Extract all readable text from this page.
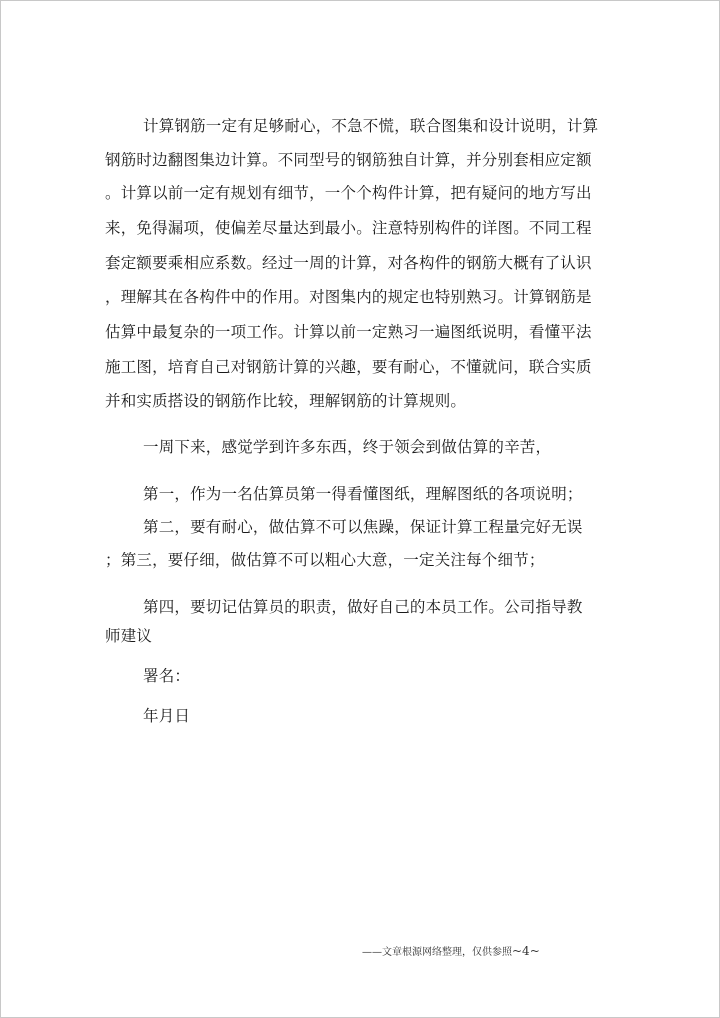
计算钢筋一定有足够耐心，不急不慌，联合图集和设计说明，计算
钢筋时边翻图集边计算。不同型号的钢筋独自计算，并分别套相应定额
。计算以前一定有规划有细节，一个个构件计算，把有疑问的地方写出
来，免得漏项，使偏差尽量达到最小。注意特别构件的详图。不同工程
套定额要乘相应系数。经过一周的计算，对各构件的钢筋大概有了认识
，理解其在各构件中的作用。对图集内的规定也特别熟习。计算钢筋是
估算中最复杂的一项工作。计算以前一定熟习一遍图纸说明，看懂平法
施工图，培育自己对钢筋计算的兴趣，要有耐心，不懂就问，联合实质
并和实质搭设的钢筋作比较，理解钢筋的计算规则。
一周下来，感觉学到许多东西，终于领会到做估算的辛苦，
第一，作为一名估算员第一得看懂图纸，理解图纸的各项说明；
第二，要有耐心，做估算不可以焦躁，保证计算工程量完好无误
；第三，要仔细，做估算不可以粗心大意，一定关注每个细节；
第四，要切记估算员的职责，做好自己的本员工作。公司指导教
师建议
署名：
年月日
——文章根源网络整理，仅供参照~4~
